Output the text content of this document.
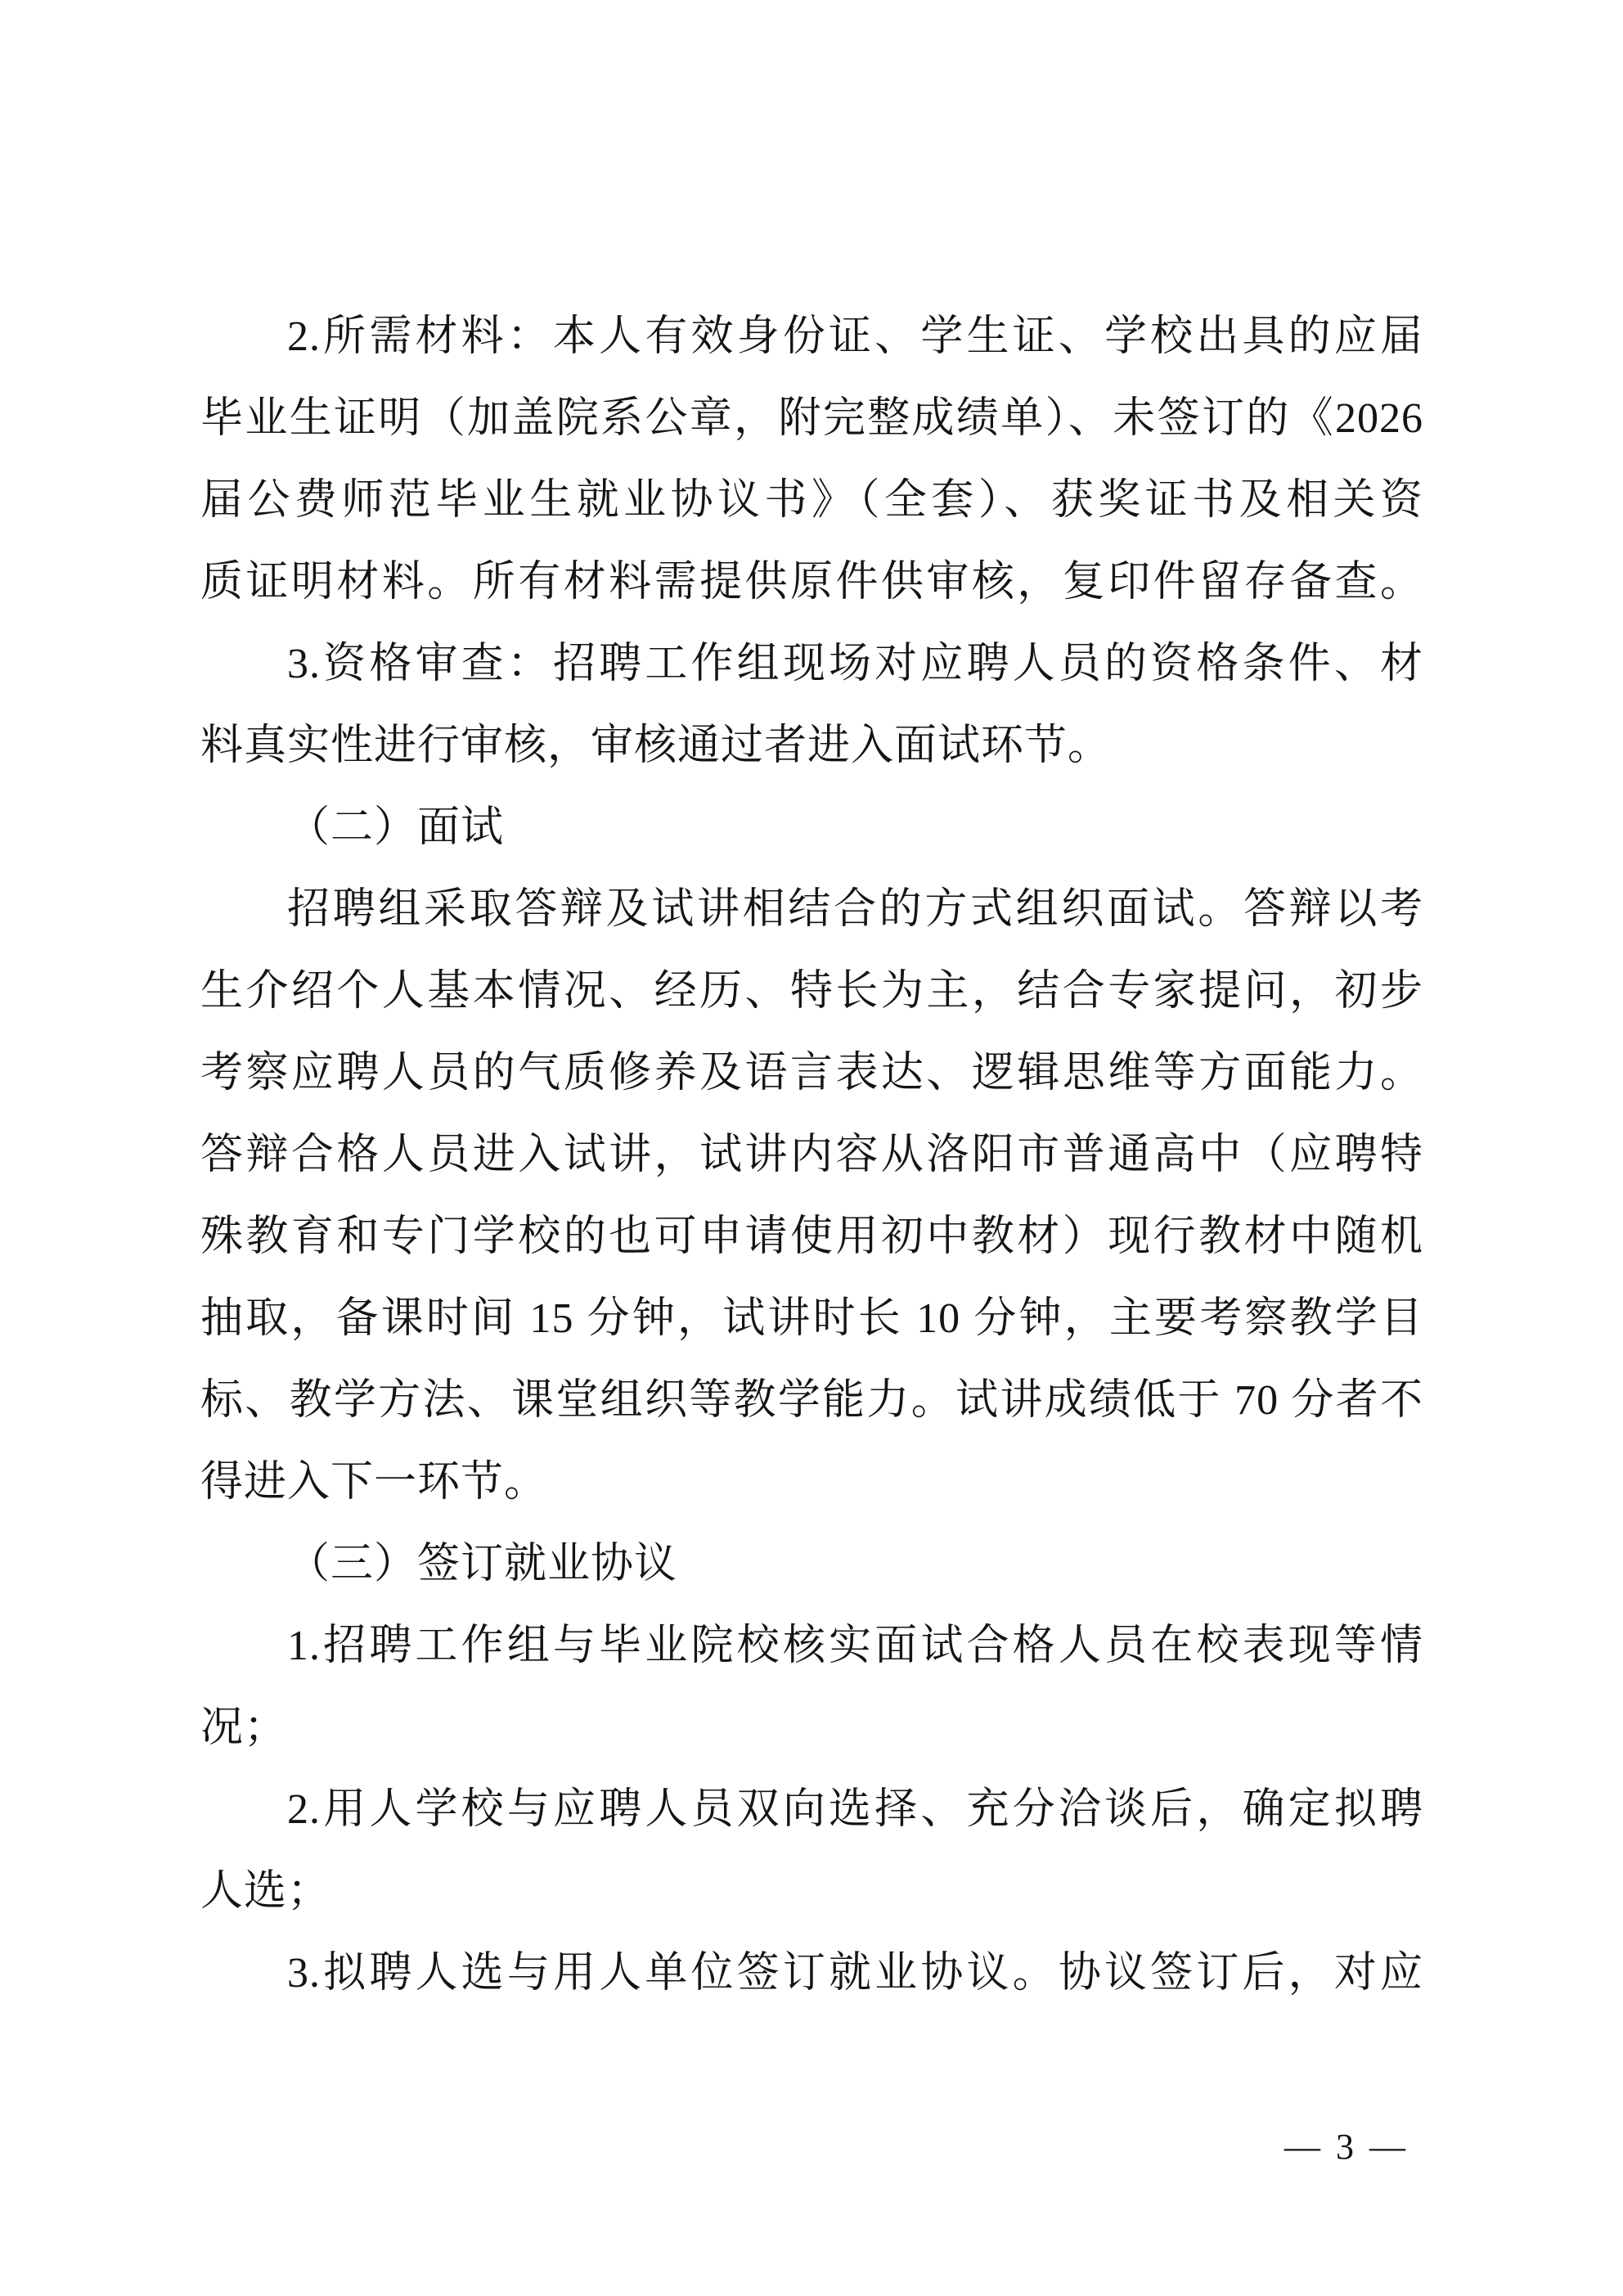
2.所需材料：本人有效身份证、学生证、学校出具的应届
毕业生证明（加盖院系公章，附完整成绩单）、未签订的《2026
届公费师范毕业生就业协议书》（全套）、获奖证书及相关资
质证明材料。所有材料需提供原件供审核，复印件留存备查。
3.资格审查：招聘工作组现场对应聘人员的资格条件、材
料真实性进行审核，审核通过者进入面试环节。
（二）面试
招聘组采取答辩及试讲相结合的方式组织面试。答辩以考
生介绍个人基本情况、经历、特长为主，结合专家提问，初步
考察应聘人员的气质修养及语言表达、逻辑思维等方面能力。
答辩合格人员进入试讲，试讲内容从洛阳市普通高中（应聘特
殊教育和专门学校的也可申请使用初中教材）现行教材中随机
抽取，备课时间 15 分钟，试讲时长 10 分钟，主要考察教学目
标、教学方法、课堂组织等教学能力。试讲成绩低于 70 分者不
得进入下一环节。
（三）签订就业协议
1.招聘工作组与毕业院校核实面试合格人员在校表现等情
况；
2.用人学校与应聘人员双向选择、充分洽谈后，确定拟聘
人选；
3.拟聘人选与用人单位签订就业协议。协议签订后，对应
— 3 —
